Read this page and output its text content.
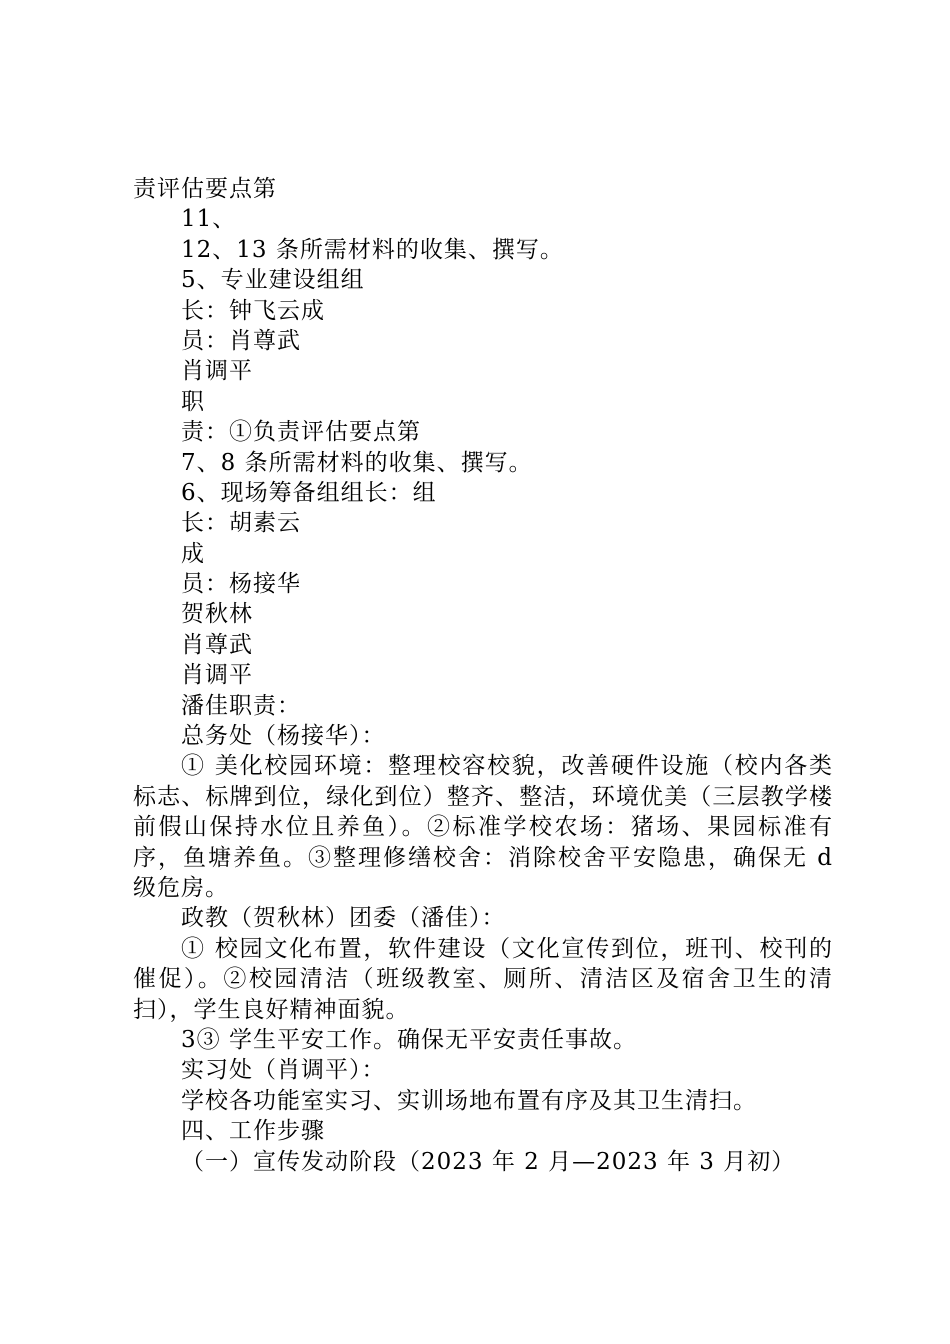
责评估要点第
11、
12、13 条所需材料的收集、撰写。
5、专业建设组组
长：钟飞云成
员：肖尊武
肖调平
职
责：①负责评估要点第
7、8 条所需材料的收集、撰写。
6、现场筹备组组长：组
长：胡素云
成
员：杨接华
贺秋林
肖尊武
肖调平
潘佳职责：
总务处（杨接华）：

① 美化校园环境：整理校容校貌，改善硬件设施（校内各类标志、标牌到位，绿化到位）整齐、整洁，环境优美（三层教学楼前假山保持水位且养鱼）。②标准学校农场：猪场、果园标准有序，鱼塘养鱼。③整理修缮校舍：消除校舍平安隐患，确保无 d 级危房。

政教（贺秋林）团委（潘佳）：

① 校园文化布置，软件建设（文化宣传到位，班刊、校刊的催促）。②校园清洁（班级教室、厕所、清洁区及宿舍卫生的清扫），学生良好精神面貌。

3③ 学生平安工作。确保无平安责任事故。
实习处（肖调平）：
学校各功能室实习、实训场地布置有序及其卫生清扫。
四、工作步骤
（一）宣传发动阶段（2023 年 2 月—2023 年 3 月初）
